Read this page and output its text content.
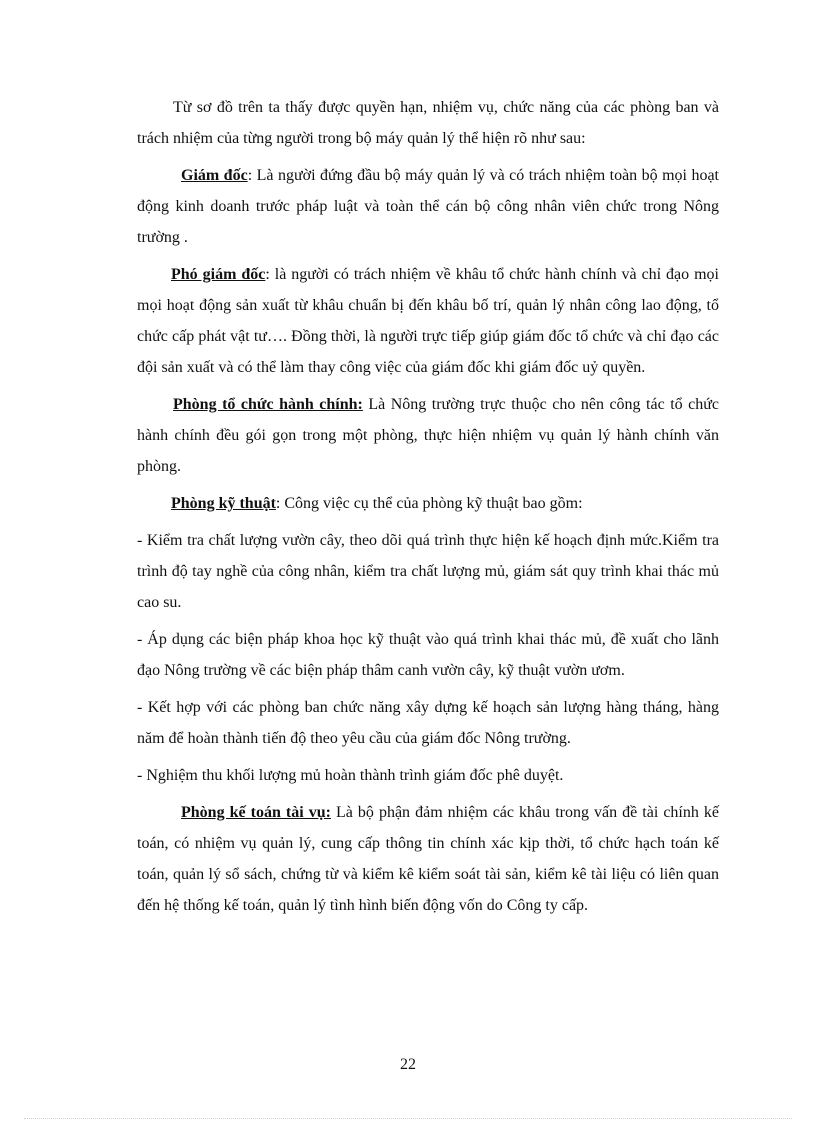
Từ sơ đồ trên ta thấy được quyền hạn, nhiệm vụ, chức năng của các phòng ban và trách nhiệm của từng người trong bộ máy quản lý thể hiện rõ như sau:

Giám đốc: Là người đứng đầu bộ máy quản lý và có trách nhiệm toàn bộ mọi hoạt động kinh doanh trước pháp luật và toàn thể cán bộ công nhân viên chức trong Nông trường .

Phó giám đốc: là người có trách nhiệm về khâu tổ chức hành chính và chỉ đạo mọi mọi hoạt động sản xuất từ khâu chuẩn bị đến khâu bố trí, quản lý nhân công lao động, tổ chức cấp phát vật tư…. Đồng thời, là người trực tiếp giúp giám đốc tổ chức và chỉ đạo các đội sản xuất và có thể làm thay công việc của giám đốc khi giám đốc uỷ quyền.

Phòng tổ chức hành chính: Là Nông trường trực thuộc cho nên công tác tổ chức hành chính đều gói gọn trong một phòng, thực hiện nhiệm vụ quản lý hành chính văn phòng.

Phòng kỹ thuật: Công việc cụ thể của phòng kỹ thuật bao gồm:

- Kiểm tra chất lượng vườn cây, theo dõi quá trình thực hiện kế hoạch định mức.Kiểm tra trình độ tay nghề của công nhân, kiểm tra chất lượng mủ, giám sát quy trình khai thác mủ cao su.

- Áp dụng các biện pháp khoa học kỹ thuật vào quá trình khai thác mủ, đề xuất cho lãnh đạo Nông trường về các biện pháp thâm canh vườn cây, kỹ thuật vườn ươm.

- Kết hợp với các phòng ban chức năng xây dựng kế hoạch sản lượng hàng tháng, hàng năm để hoàn thành tiến độ theo yêu cầu của giám đốc Nông trường.

- Nghiệm thu khối lượng mủ hoàn thành trình giám đốc phê duyệt.

Phòng kế toán tài vụ: Là bộ phận đảm nhiệm các khâu trong vấn đề tài chính kế toán, có nhiệm vụ quản lý, cung cấp thông tin chính xác kịp thời, tổ chức hạch toán kế toán, quản lý sổ sách, chứng từ và kiểm kê kiểm soát tài sản, kiểm kê tài liệu có liên quan đến hệ thống kế toán, quản lý tình hình biến động vốn do Công ty cấp.

22
